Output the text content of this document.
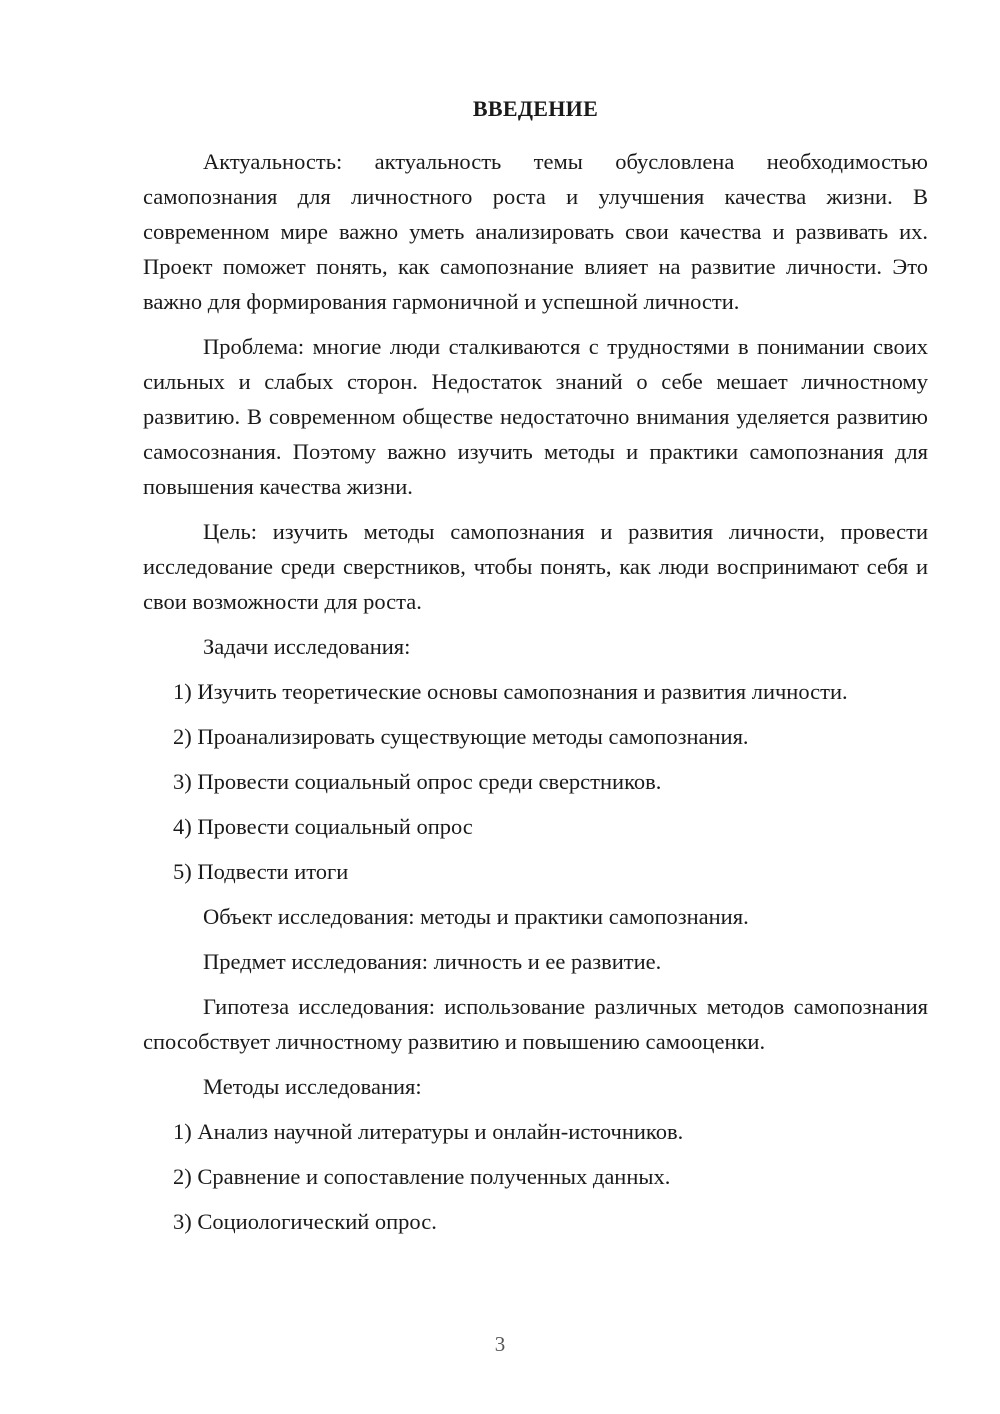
ВВЕДЕНИЕ

Актуальность: актуальность темы обусловлена необходимостью самопознания для личностного роста и улучшения качества жизни. В современном мире важно уметь анализировать свои качества и развивать их. Проект поможет понять, как самопознание влияет на развитие личности. Это важно для формирования гармоничной и успешной личности.

Проблема: многие люди сталкиваются с трудностями в понимании своих сильных и слабых сторон. Недостаток знаний о себе мешает личностному развитию. В современном обществе недостаточно внимания уделяется развитию самосознания. Поэтому важно изучить методы и практики самопознания для повышения качества жизни.

Цель: изучить методы самопознания и развития личности, провести исследование среди сверстников, чтобы понять, как люди воспринимают себя и свои возможности для роста.

Задачи исследования:

1) Изучить теоретические основы самопознания и развития личности.

2) Проанализировать существующие методы самопознания.

3) Провести социальный опрос среди сверстников.

4) Провести социальный опрос

5) Подвести итоги

Объект исследования: методы и практики самопознания.

Предмет исследования: личность и ее развитие.

Гипотеза исследования: использование различных методов самопознания способствует личностному развитию и повышению самооценки.

Методы исследования:

1) Анализ научной литературы и онлайн-источников.

2) Сравнение и сопоставление полученных данных.

3) Социологический опрос.

3
